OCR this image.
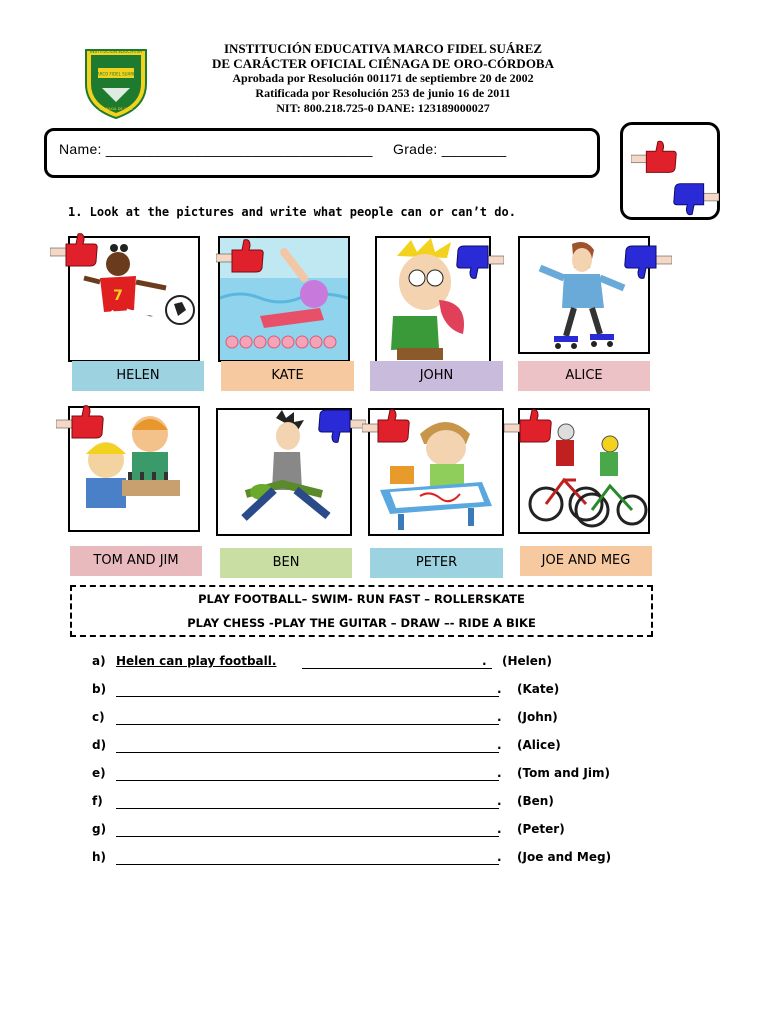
INSTITUCION EDUCATIVA
MARCO FIDEL SUAREZ
CIENAGA DE ORO
INSTITUCIÓN EDUCATIVA MARCO FIDEL SUÁREZ
DE CARÁCTER OFICIAL CIÉNAGA DE ORO-CÓRDOBA
Aprobada por Resolución 001171 de septiembre 20 de 2002
Ratificada por Resolución 253 de junio 16 de 2011
NIT: 800.218.725-0 DANE: 123189000027
Name: _________________________________ Grade: ________
1. Look at the pictures and write what people can or can’t do.
7
HELEN	KATE	JOHN	ALICE
TOM AND JIM	BEN	PETER	JOE AND MEG
PLAY FOOTBALL– SWIM- RUN FAST – ROLLERSKATE
PLAY CHESS -PLAY THE GUITAR – DRAW –- RIDE A BIKE
a) Helen can play football.	. (Helen)
b)	. (Kate)
c)	. (John)
d)	. (Alice)
e)	. (Tom and Jim)
f)	. (Ben)
g)	. (Peter)
h)	. (Joe and Meg)
